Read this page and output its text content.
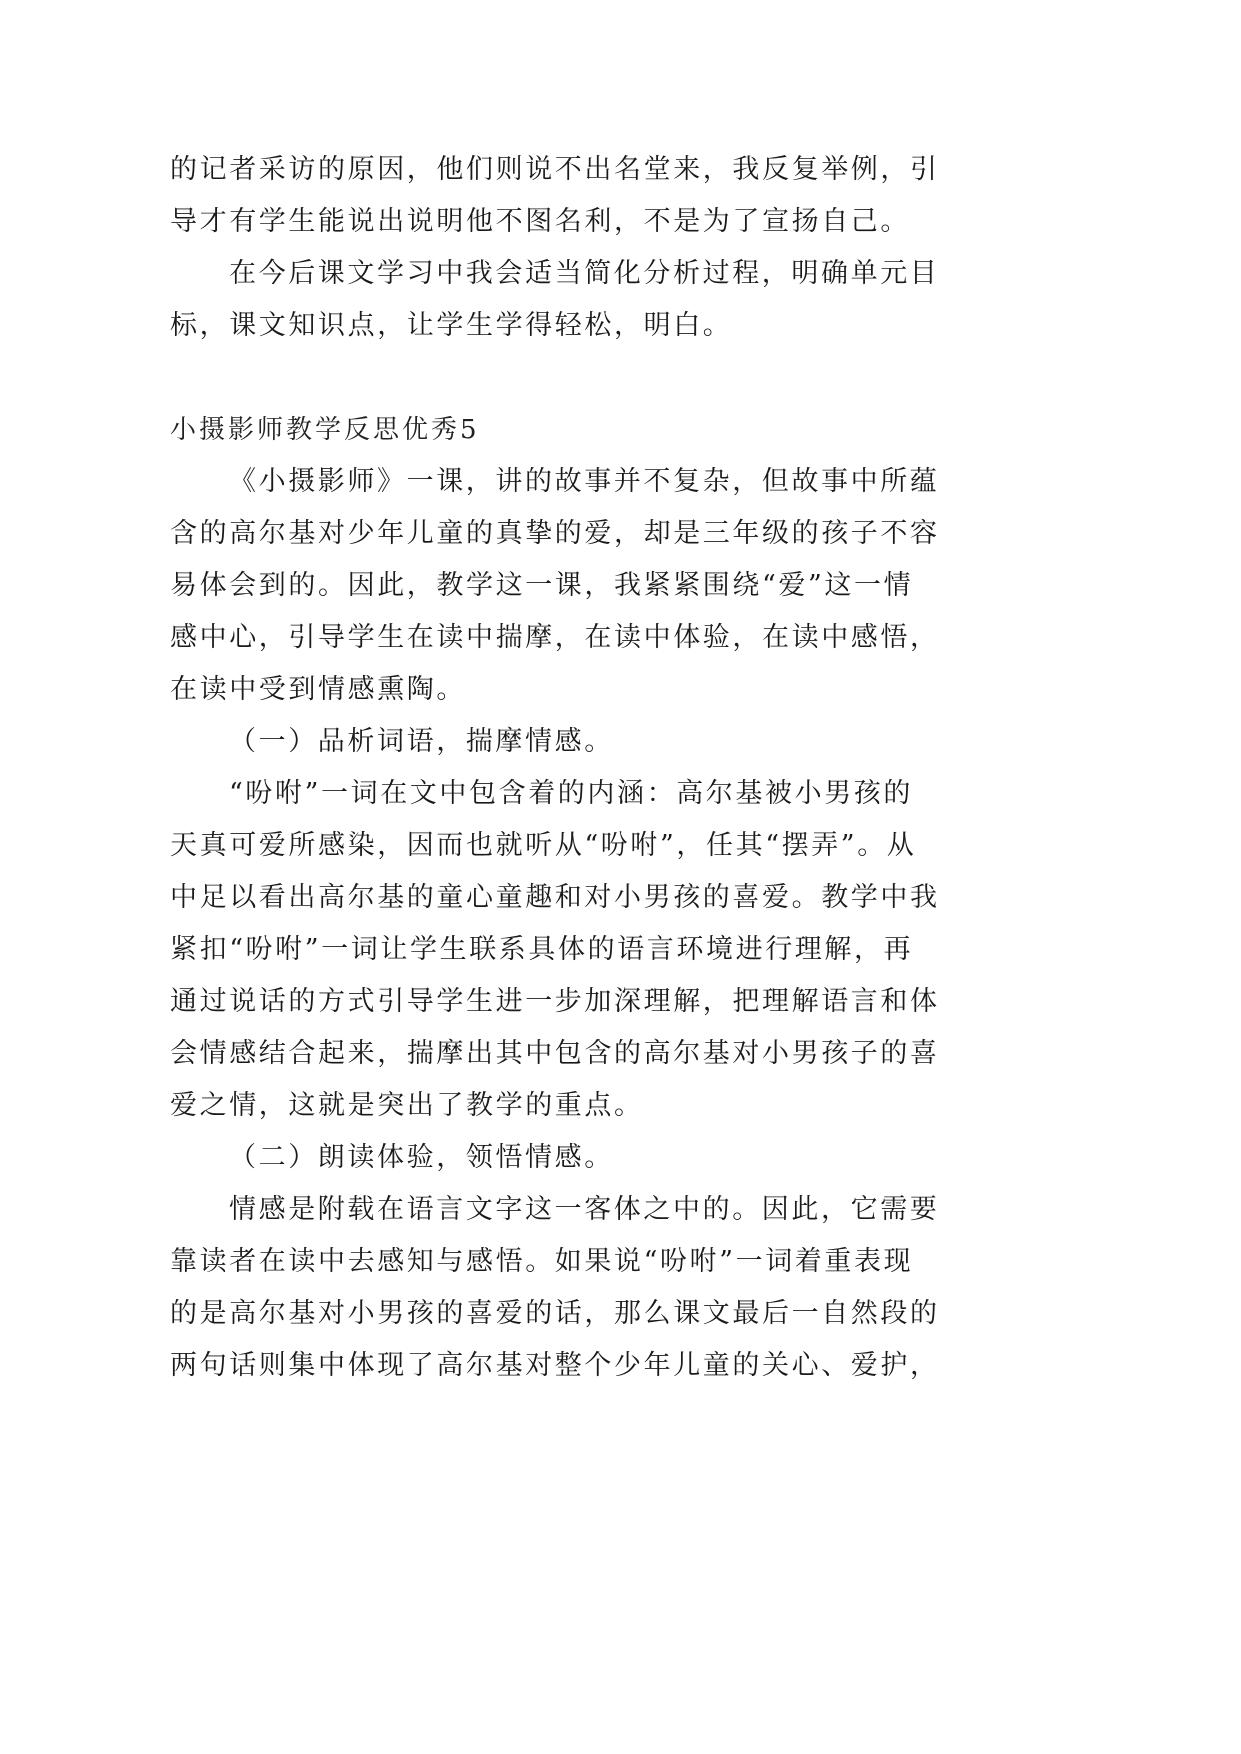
的记者采访的原因，他们则说不出名堂来，我反复举例，引
导才有学生能说出说明他不图名利，不是为了宣扬自己。
在今后课文学习中我会适当简化分析过程，明确单元目
标，课文知识点，让学生学得轻松，明白。
小摄影师教学反思优秀5
《小摄影师》一课，讲的故事并不复杂，但故事中所蕴
含的高尔基对少年儿童的真挚的爱，却是三年级的孩子不容
易体会到的。因此，教学这一课，我紧紧围绕“爱”这一情
感中心，引导学生在读中揣摩，在读中体验，在读中感悟，
在读中受到情感熏陶。
（一）品析词语，揣摩情感。
“吩咐”一词在文中包含着的内涵：高尔基被小男孩的
天真可爱所感染，因而也就听从“吩咐”，任其“摆弄”。从
中足以看出高尔基的童心童趣和对小男孩的喜爱。教学中我
紧扣“吩咐”一词让学生联系具体的语言环境进行理解，再
通过说话的方式引导学生进一步加深理解，把理解语言和体
会情感结合起来，揣摩出其中包含的高尔基对小男孩子的喜
爱之情，这就是突出了教学的重点。
（二）朗读体验，领悟情感。
情感是附载在语言文字这一客体之中的。因此，它需要
靠读者在读中去感知与感悟。如果说“吩咐”一词着重表现
的是高尔基对小男孩的喜爱的话，那么课文最后一自然段的
两句话则集中体现了高尔基对整个少年儿童的关心、爱护，
